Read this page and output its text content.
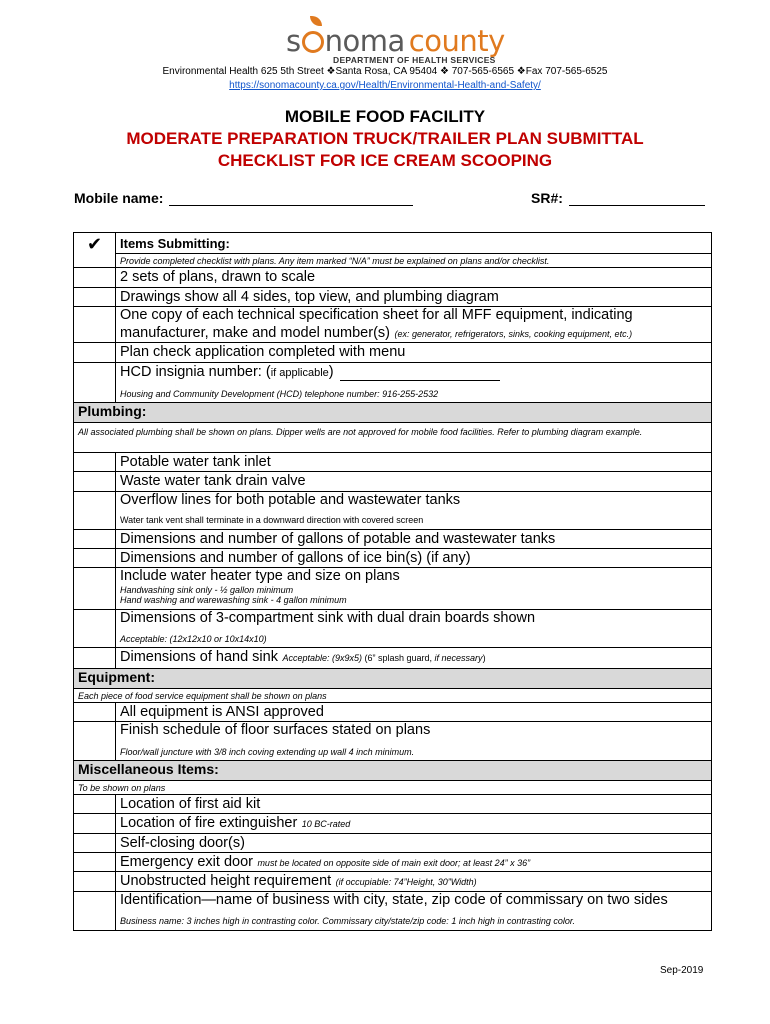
s noma county
DEPARTMENT OF HEALTH SERVICES
Environmental Health 625 5th Street ❖Santa Rosa, CA 95404 ❖ 707-565-6565 ❖Fax 707-565-6525
https://sonomacounty.ca.gov/Health/Environmental-Health-and-Safety/
MOBILE FOOD FACILITY
MODERATE PREPARATION TRUCK/TRAILER PLAN SUBMITTAL
CHECKLIST FOR ICE CREAM SCOOPING
Mobile name:	SR#:
✔	Items Submitting:
	Provide completed checklist with plans. Any item marked “N/A” must be explained on plans and/or checklist.
	2 sets of plans, drawn to scale
	Drawings show all 4 sides, top view, and plumbing diagram

	One copy of each technical specification sheet for all MFF equipment, indicating
manufacturer, make and model number(s) (ex: generator, refrigerators, sinks, cooking equipment, etc.)

	Plan check application completed with menu

	HCD insignia number: (if applicable)
Housing and Community Development (HCD) telephone number: 916-255-2532

Plumbing:	
All associated plumbing shall be shown on plans. Dipper wells are not approved for mobile food facilities. Refer to plumbing diagram example.	
	Potable water tank inlet
	Waste water tank drain valve

	Overflow lines for both potable and wastewater tanks
Water tank vent shall terminate in a downward direction with covered screen

	Dimensions and number of gallons of potable and wastewater tanks
	Dimensions and number of gallons of ice bin(s) (if any)

	Include water heater type and size on plans
Handwashing sink only - ½ gallon minimum
Hand washing and warewashing sink - 4 gallon minimum

	Dimensions of 3-compartment sink with dual drain boards shown
Acceptable: (12x12x10 or 10x14x10)

	Dimensions of hand sink Acceptable: (9x9x5) (6” splash guard, if necessary)
Equipment:	
Each piece of food service equipment shall be shown on plans	
	All equipment is ANSI approved

	Finish schedule of floor surfaces stated on plans
Floor/wall juncture with 3/8 inch coving extending up wall 4 inch minimum.

Miscellaneous Items:	
To be shown on plans	
	Location of first aid kit
	Location of fire extinguisher 10 BC-rated
	Self-closing door(s)
	Emergency exit door must be located on opposite side of main exit door; at least 24” x 36”
	Unobstructed height requirement (if occupiable: 74”Height, 30”Width)

	Identification—name of business with city, state, zip code of commissary on two sides
Business name: 3 inches high in contrasting color. Commissary city/state/zip code: 1 inch high in contrasting color.
Sep-2019
